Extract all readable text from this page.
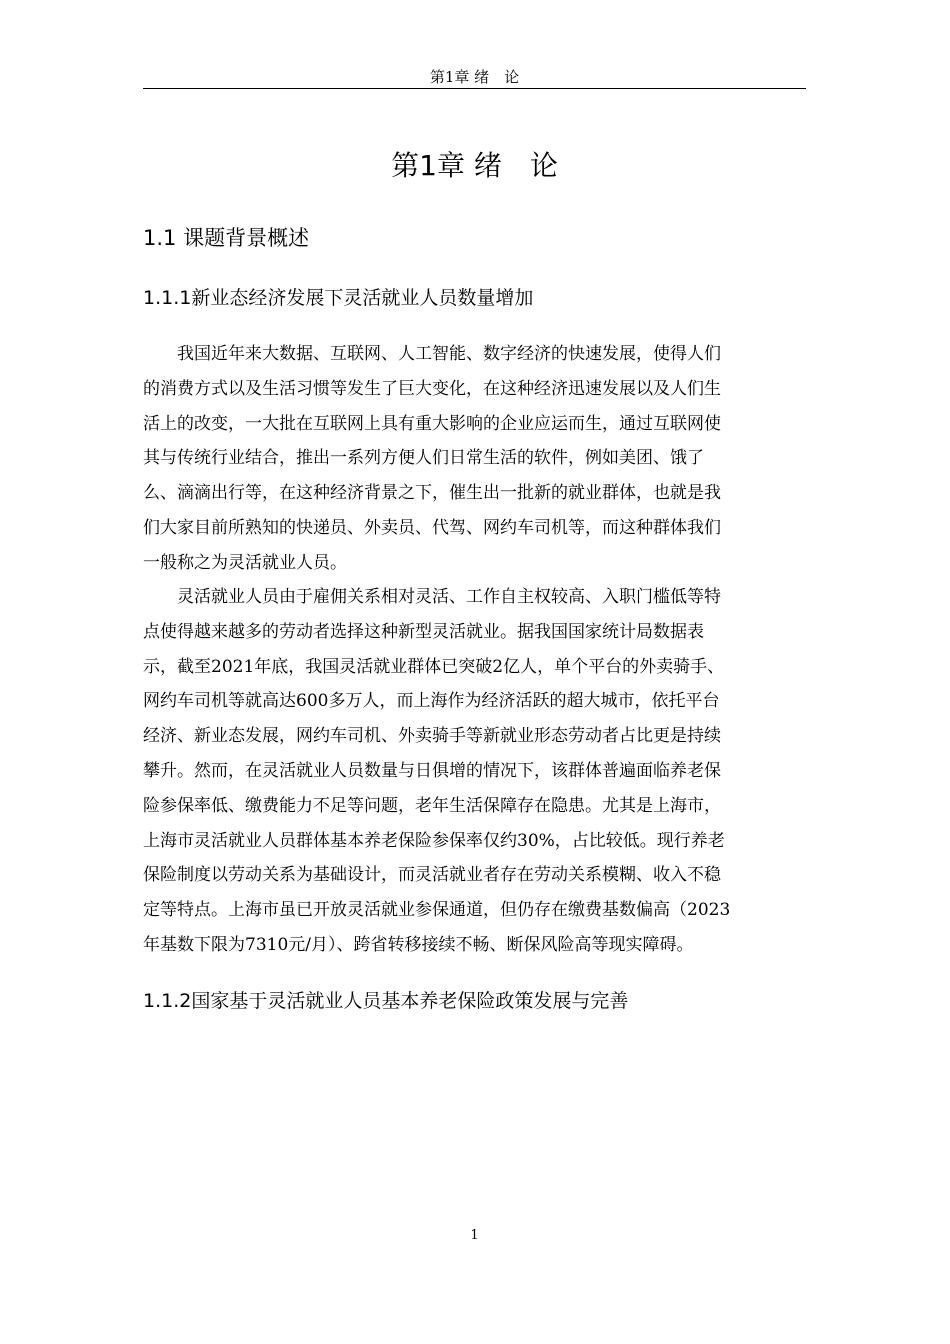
第1章 绪　论
第1章 绪　论
1.1 课题背景概述
1.1.1新业态经济发展下灵活就业人员数量增加
　　我国近年来大数据、互联网、人工智能、数字经济的快速发展，使得人们
的消费方式以及生活习惯等发生了巨大变化，在这种经济迅速发展以及人们生
活上的改变，一大批在互联网上具有重大影响的企业应运而生，通过互联网使
其与传统行业结合，推出一系列方便人们日常生活的软件，例如美团、饿了
么、滴滴出行等，在这种经济背景之下，催生出一批新的就业群体，也就是我
们大家目前所熟知的快递员、外卖员、代驾、网约车司机等，而这种群体我们
一般称之为灵活就业人员。
　　灵活就业人员由于雇佣关系相对灵活、工作自主权较高、入职门槛低等特
点使得越来越多的劳动者选择这种新型灵活就业。据我国国家统计局数据表
示，截至2021年底，我国灵活就业群体已突破2亿人，单个平台的外卖骑手、
网约车司机等就高达600多万人，而上海作为经济活跃的超大城市，依托平台
经济、新业态发展，网约车司机、外卖骑手等新就业形态劳动者占比更是持续
攀升。然而，在灵活就业人员数量与日俱增的情况下，该群体普遍面临养老保
险参保率低、缴费能力不足等问题，老年生活保障存在隐患。尤其是上海市，
上海市灵活就业人员群体基本养老保险参保率仅约30%，占比较低。现行养老
保险制度以劳动关系为基础设计，而灵活就业者存在劳动关系模糊、收入不稳
定等特点。上海市虽已开放灵活就业参保通道，但仍存在缴费基数偏高（2023
年基数下限为7310元/月）、跨省转移接续不畅、断保风险高等现实障碍。
1.1.2国家基于灵活就业人员基本养老保险政策发展与完善
1
